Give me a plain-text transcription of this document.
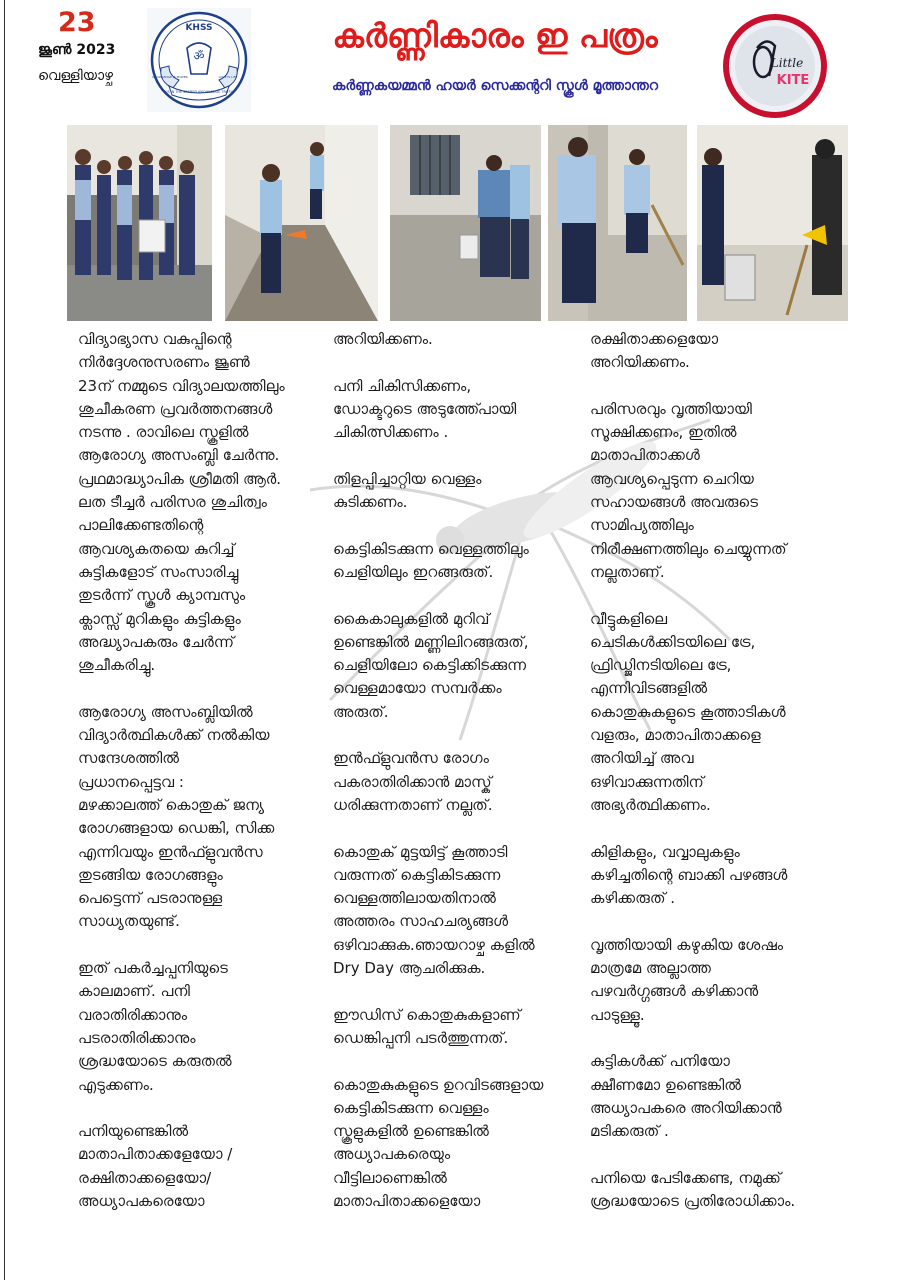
23
ജൂൺ 2023
വെള്ളിയാഴ്ച
KHSS
ॐ
KNOWLEDGE IS POWER	LOVE IS LIFE
US IN THE SACRED KNOWLEDGE TRUTH
കർണ്ണികാരം ഇ പത്രം
കർണ്ണകയമ്മൻ ഹയർ സെക്കന്ററി സ്കൂൾ മൂത്താന്തറ
Little
KITE

വിദ്യാഭ്യാസ വകുപ്പിന്റെ
നിർദ്ദേശനുസരണം ജൂൺ
23ന് നമ്മുടെ വിദ്യാലയത്തിലും
ശുചീകരണ പ്രവർത്തനങ്ങൾ
നടന്നു . രാവിലെ സ്കൂളിൽ
ആരോഗ്യ അസംബ്ലി ചേർന്നു.
പ്രഥമാദ്ധ്യാപിക ശ്രീമതി ആർ.
ലത ടീച്ചർ പരിസര ശുചിത്വം
പാലിക്കേണ്ടതിന്റെ
ആവശ്യകതയെ കുറിച്ച്
കുട്ടികളോട് സംസാരിച്ചു
തുടർന്ന് സ്കൂൾ ക്യാമ്പസും
ക്ലാസ്സ് മുറികളും കുട്ടികളും
അദ്ധ്യാപകരും ചേർന്ന്
ശുചീകരിച്ചു.

ആരോഗ്യ അസംബ്ലിയിൽ
വിദ്യാർത്ഥികൾക്ക് നൽകിയ
സന്ദേശത്തിൽ
പ്രധാനപ്പെട്ടവ :
മഴക്കാലത്ത് കൊതുക് ജന്യ
രോഗങ്ങളായ ഡെങ്കി, സിക്ക
എന്നിവയും ഇൻഫ്ളുവൻസ
തുടങ്ങിയ രോഗങ്ങളും
പെട്ടെന്ന് പടരാനുള്ള
സാധ്യതയുണ്ട്.

ഇത് പകർച്ചപ്പനിയുടെ
കാലമാണ്. പനി
വരാതിരിക്കാനും
പടരാതിരിക്കാനും
ശ്രദ്ധയോടെ കരുതൽ
എടുക്കണം.

പനിയുണ്ടെങ്കിൽ
മാതാപിതാക്കളേയോ /
രക്ഷിതാക്കളെയോ/
അധ്യാപകരെയോ

അറിയിക്കണം.

പനി ചികിസിക്കണം,
ഡോക്ടറുടെ അടുത്ത്പോയി
ചികിത്സിക്കണം .

തിളപ്പിച്ചാറ്റിയ വെള്ളം
കുടിക്കണം.

കെട്ടികിടക്കുന്ന വെള്ളത്തിലും
ചെളിയിലും ഇറങ്ങരുത്.

കൈകാലുകളിൽ മുറിവ്
ഉണ്ടെങ്കിൽ മണ്ണിലിറങ്ങരുത്,
ചെളിയിലോ കെട്ടിക്കിടക്കുന്ന
വെള്ളമായോ സമ്പർക്കം
അരുത്.

ഇൻഫ്ളുവൻസ രോഗം
പകരാതിരിക്കാൻ മാസ്ക്
ധരിക്കുന്നതാണ് നല്ലത്.

കൊതുക് മുട്ടയിട്ട് കൂത്താടി
വരുന്നത് കെട്ടികിടക്കുന്ന
വെള്ളത്തിലായതിനാൽ
അത്തരം സാഹചര്യങ്ങൾ
ഒഴിവാക്കുക.ഞായറാഴ്ച കളിൽ
Dry Day ആചരിക്കുക.

ഈഡിസ് കൊതുകുകളാണ്
ഡെങ്കിപ്പനി പടർത്തുന്നത്.

കൊതുകുകളുടെ ഉറവിടങ്ങളായ
കെട്ടികിടക്കുന്ന വെള്ളം
സ്കൂളുകളിൽ ഉണ്ടെങ്കിൽ
അധ്യാപകരെയും
വീട്ടിലാണെങ്കിൽ
മാതാപിതാക്കളെയോ

രക്ഷിതാക്കളെയോ
അറിയിക്കണം.

പരിസരവും വൃത്തിയായി
സൂക്ഷിക്കണം, ഇതിൽ
മാതാപിതാക്കൾ
ആവശ്യപ്പെടുന്ന ചെറിയ
സഹായങ്ങൾ അവരുടെ
സാമിപ്യത്തിലും
നിരീക്ഷണത്തിലും ചെയ്യുന്നത്
നല്ലതാണ്.

വീട്ടുകളിലെ
ചെടികൾക്കിടയിലെ ട്രേ,
ഫ്രിഡ്ജിനടിയിലെ ട്രേ,
എന്നിവിടങ്ങളിൽ
കൊതുകുകളുടെ കൂത്താടികൾ
വളരും, മാതാപിതാക്കളെ
അറിയിച്ച് അവ
ഒഴിവാക്കുന്നതിന്
അഭ്യർത്ഥിക്കണം.

കിളികളും, വവ്വാലുകളും
കഴിച്ചതിന്റെ ബാക്കി പഴങ്ങൾ
കഴിക്കരുത് .

വൃത്തിയായി കഴുകിയ ശേഷം
മാത്രമേ അല്ലാത്ത
പഴവർഗ്ഗങ്ങൾ കഴിക്കാൻ
പാടുള്ളൂ.

കുട്ടികൾക്ക് പനിയോ
ക്ഷീണമോ ഉണ്ടെങ്കിൽ
അധ്യാപകരെ അറിയിക്കാൻ
മടിക്കരുത് .

പനിയെ പേടിക്കേണ്ട, നമുക്ക്
ശ്രദ്ധയോടെ പ്രതിരോധിക്കാം.
